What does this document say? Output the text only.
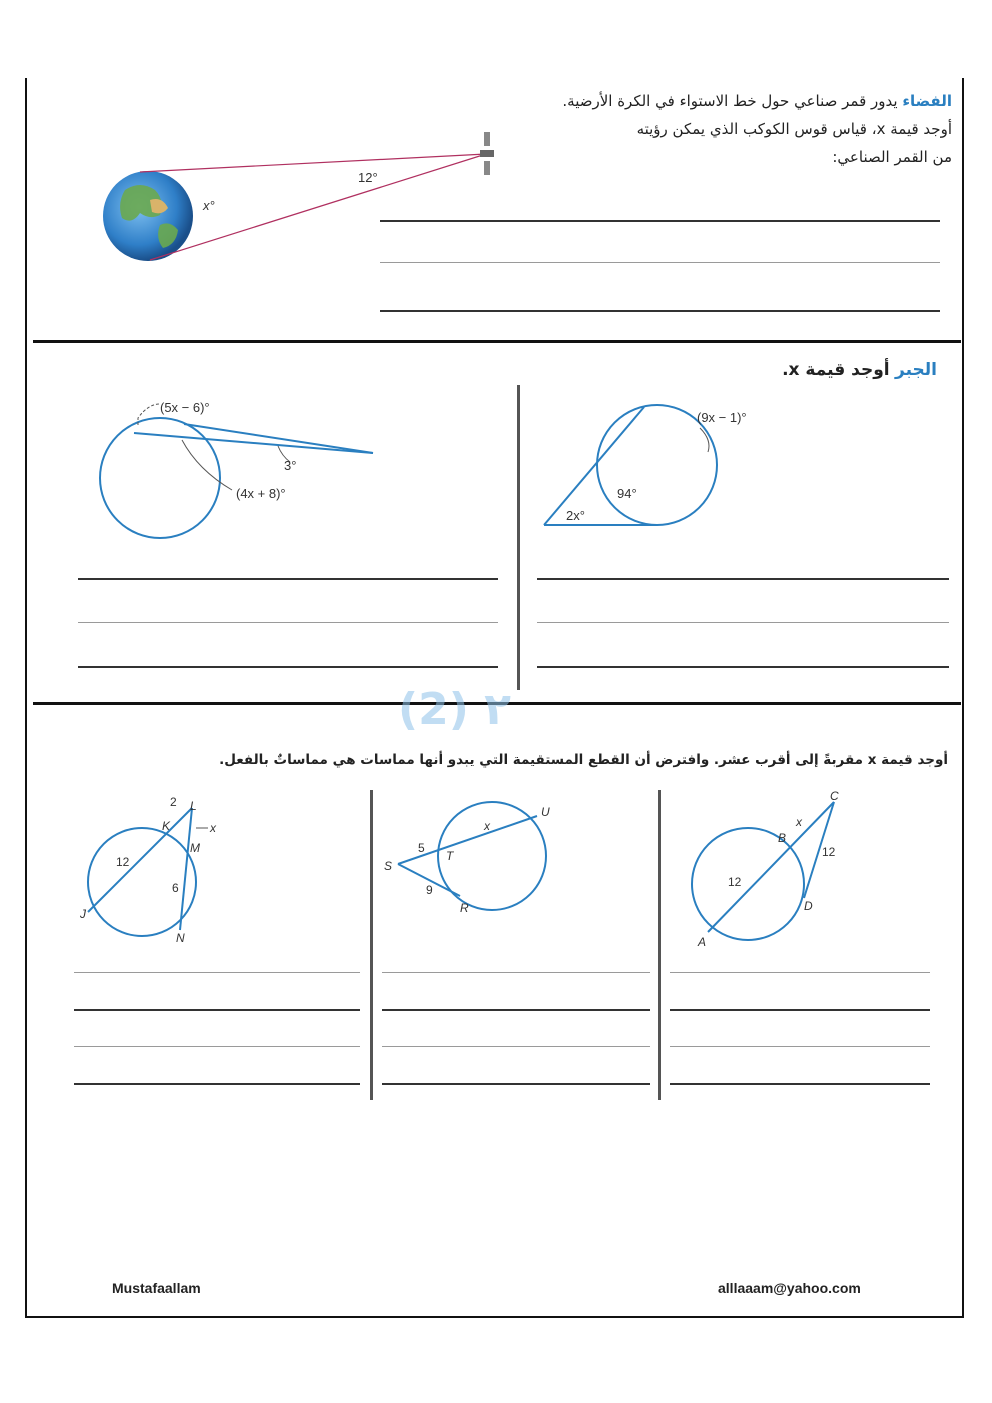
الفضاء يدور قمر صناعي حول خط الاستواء في الكرة الأرضية.
أوجد قيمة x، قياس قوس الكوكب الذي يمكن رؤيته
من القمر الصناعي:
12°
x°
الجبر أوجد قيمة x.
(5x − 6)°
3°
(4x + 8)°
(9x − 1)°
94°
2x°
(2) ٢
أوجد قيمة x مقربةً إلى أقرب عشر. وافترض أن القطع المستقيمة التي يبدو أنها مماسات هي مماساتٌ بالفعل.
2 L
K	x
M
12
6
J
N
U
x
5
T
S
9
R
C
x
B
12
12
D
A
Mustafaallam	alllaaam@yahoo.com
